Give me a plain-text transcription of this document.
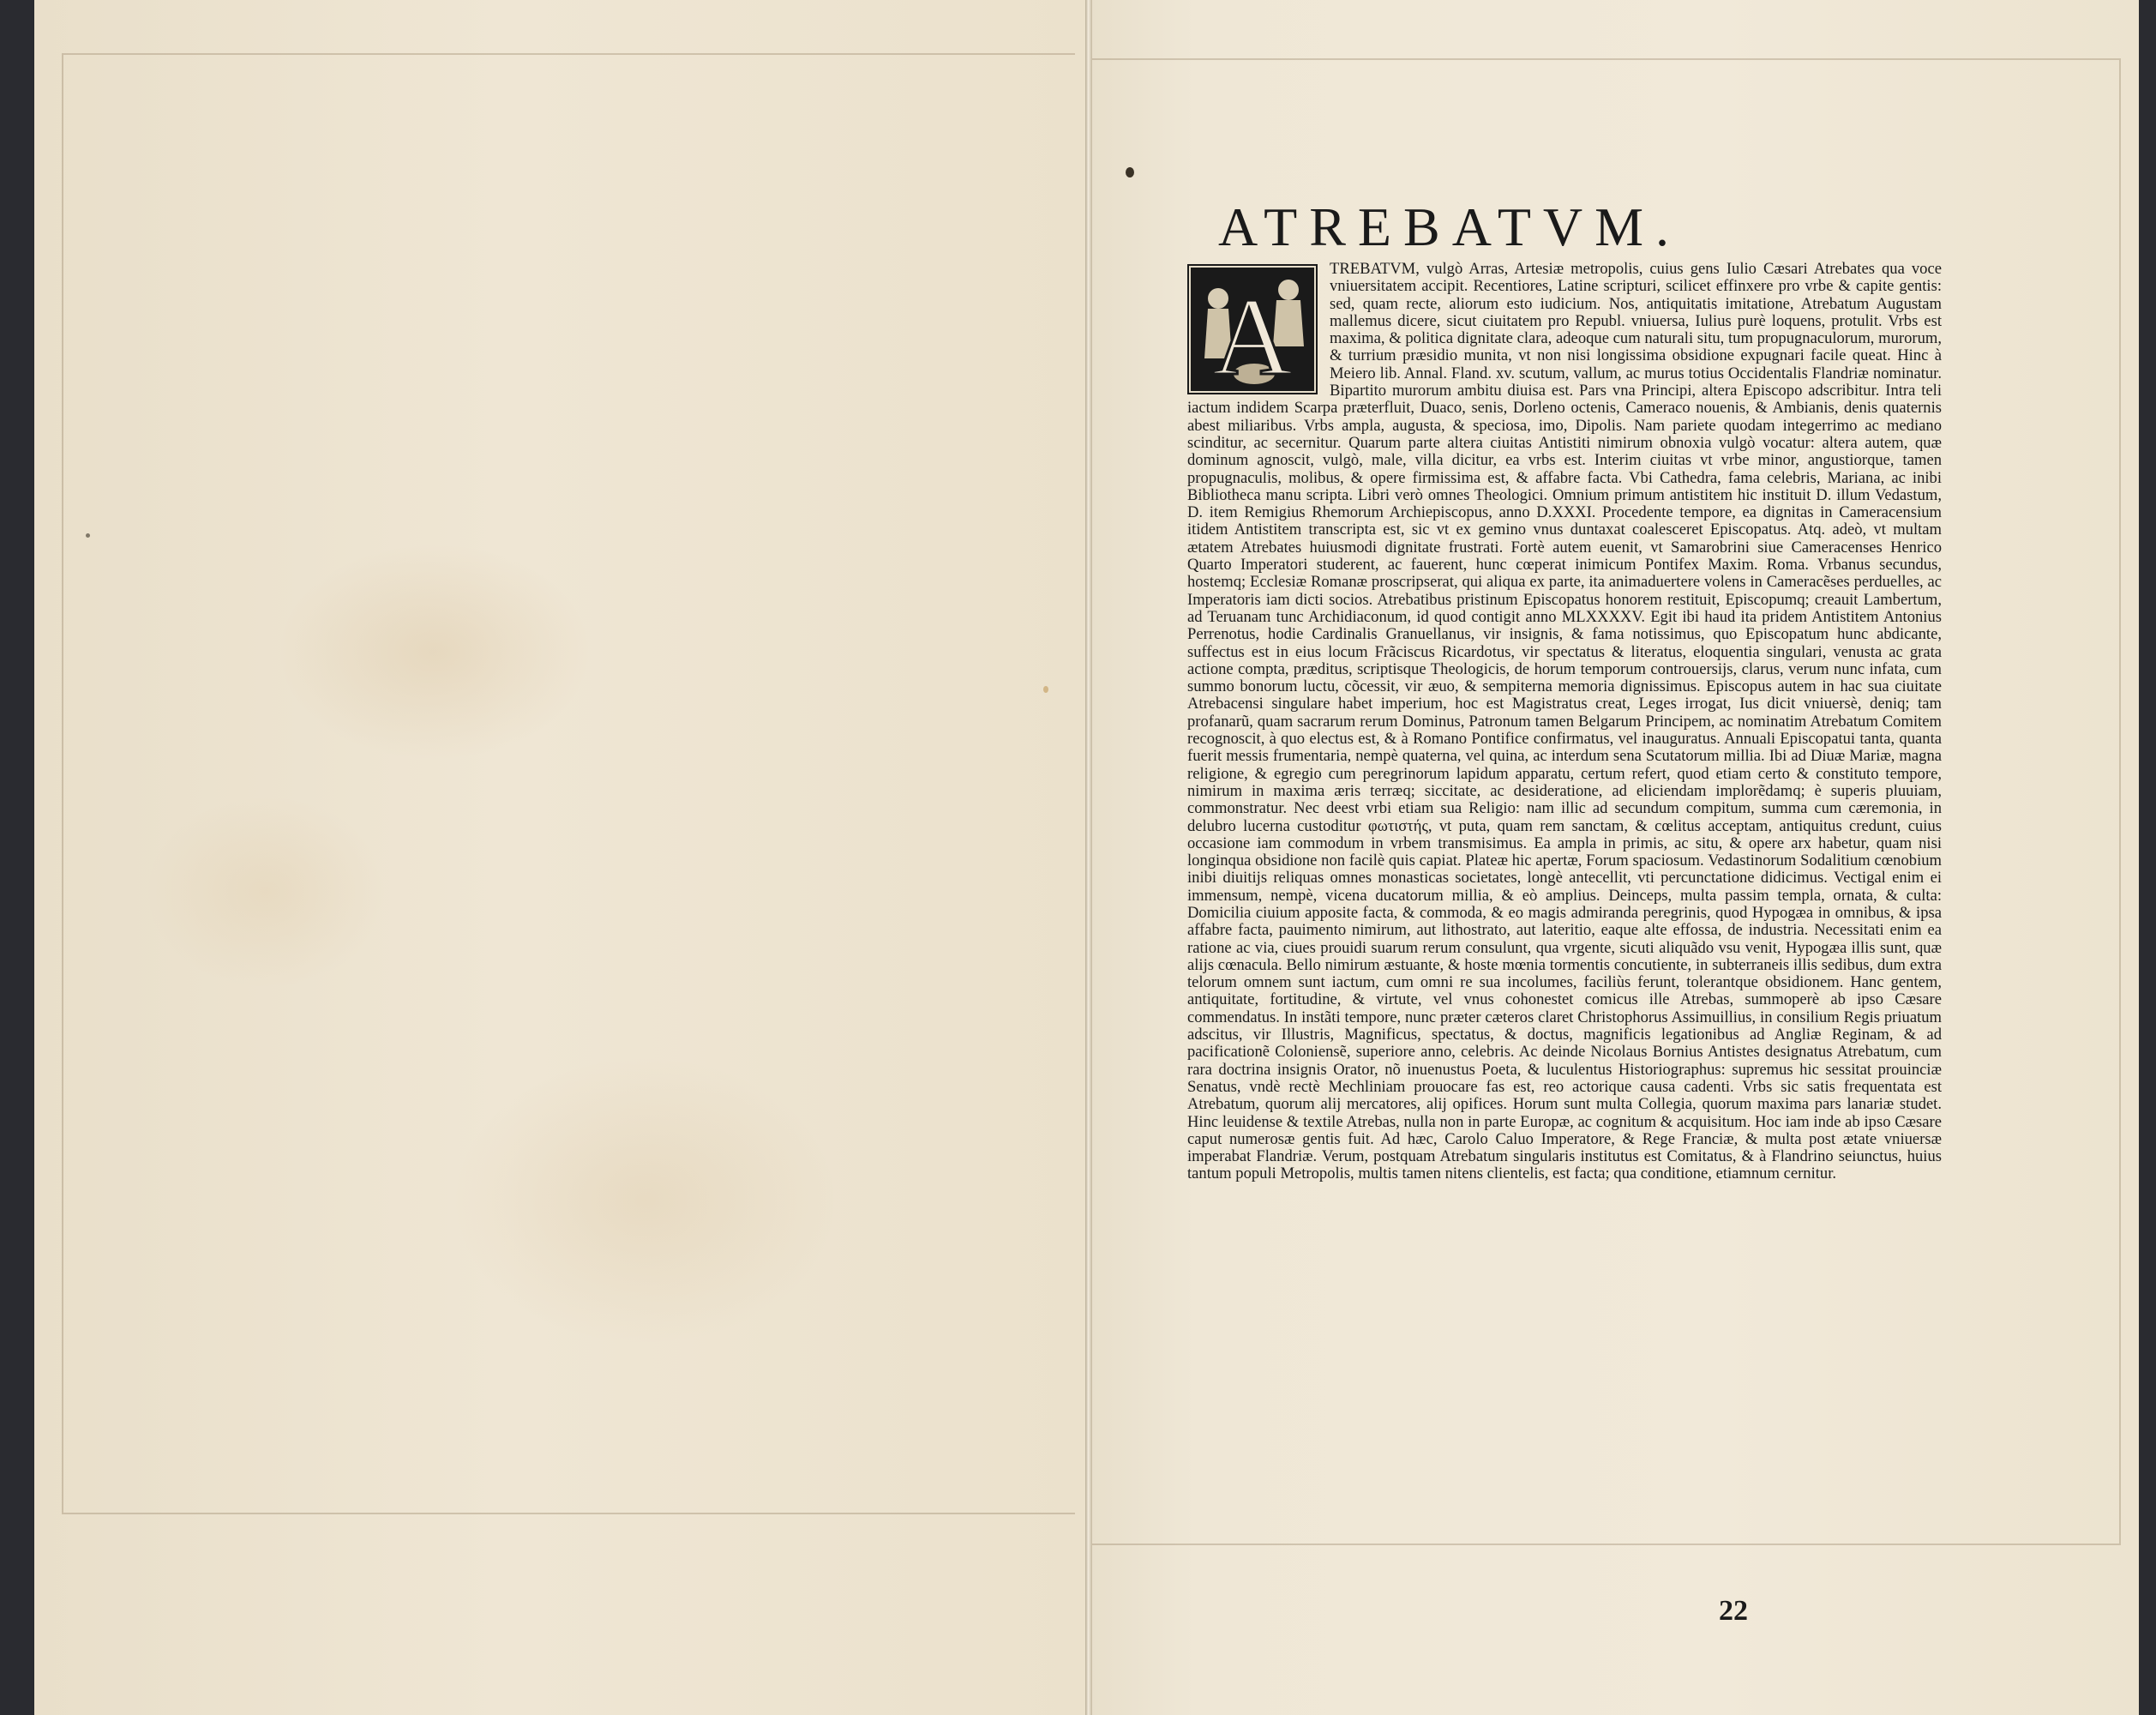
ATREBATVM.
A
TREBATVM, vulgò Arras, Artesiæ metropolis, cuius gens Iulio Cæsari Atrebates qua voce vniuersitatem accipit. Recentiores, Latine scripturi, scilicet effinxere pro vrbe & capite gentis: sed, quam recte, aliorum esto iudicium. Nos, antiquitatis imitatione, Atrebatum Augustam mallemus dicere, sicut ciuitatem pro Republ. vniuersa, Iulius purè loquens, protulit. Vrbs est maxima, & politica dignitate clara, adeoque cum naturali situ, tum propugnaculorum, murorum, & turrium præsidio munita, vt non nisi longissima obsidione expugnari facile queat. Hinc à Meiero lib. Annal. Fland. xv. scutum, vallum, ac murus totius Occidentalis Flandriæ nominatur. Bipartito murorum ambitu diuisa est. Pars vna Principi, altera Episcopo adscribitur. Intra teli iactum indidem Scarpa præterfluit, Duaco, senis, Dorleno octenis, Cameraco nouenis, & Ambianis, denis quaternis abest miliaribus. Vrbs ampla, augusta, & speciosa, imo, Dipolis. Nam pariete quodam integerrimo ac mediano scinditur, ac secernitur. Quarum parte altera ciuitas Antistiti nimirum obnoxia vulgò vocatur: altera autem, quæ dominum agnoscit, vulgò, male, villa dicitur, ea vrbs est. Interim ciuitas vt vrbe minor, angustiorque, tamen propugnaculis, molibus, & opere firmissima est, & affabre facta. Vbi Cathedra, fama celebris, Mariana, ac inibi Bibliotheca manu scripta. Libri verò omnes Theologici. Omnium primum antistitem hic instituit D. illum Vedastum, D. item Remigius Rhemorum Archiepiscopus, anno D.XXXI. Procedente tempore, ea dignitas in Cameracensium itidem Antistitem transcripta est, sic vt ex gemino vnus duntaxat coalesceret Episcopatus. Atq. adeò, vt multam ætatem Atrebates huiusmodi dignitate frustrati. Fortè autem euenit, vt Samarobrini siue Cameracenses Henrico Quarto Imperatori studerent, ac fauerent, hunc cœperat inimicum Pontifex Maxim. Roma. Vrbanus secundus, hostemq; Ecclesiæ Romanæ proscripserat, qui aliqua ex parte, ita animaduertere volens in Cameracẽses perduelles, ac Imperatoris iam dicti socios. Atrebatibus pristinum Episcopatus honorem restituit, Episcopumq; creauit Lambertum, ad Teruanam tunc Archidiaconum, id quod contigit anno MLXXXXV. Egit ibi haud ita pridem Antistitem Antonius Perrenotus, hodie Cardinalis Granuellanus, vir insignis, & fama notissimus, quo Episcopatum hunc abdicante, suffectus est in eius locum Frãciscus Ricardotus, vir spectatus & literatus, eloquentia singulari, venusta ac grata actione compta, præditus, scriptisque Theologicis, de horum temporum controuersijs, clarus, verum nunc infata, cum summo bonorum luctu, cõcessit, vir æuo, & sempiterna memoria dignissimus. Episcopus autem in hac sua ciuitate Atrebacensi singulare habet imperium, hoc est Magistratus creat, Leges irrogat, Ius dicit vniuersè, deniq; tam profanarũ, quam sacrarum rerum Dominus, Patronum tamen Belgarum Principem, ac nominatim Atrebatum Comitem recognoscit, à quo electus est, & à Romano Pontifice confirmatus, vel inauguratus. Annuali Episcopatui tanta, quanta fuerit messis frumentaria, nempè quaterna, vel quina, ac interdum sena Scutatorum millia. Ibi ad Diuæ Mariæ, magna religione, & egregio cum peregrinorum lapidum apparatu, certum refert, quod etiam certo & constituto tempore, nimirum in maxima æris terræq; siccitate, ac desideratione, ad eliciendam implorẽdamq; è superis pluuiam, commonstratur. Nec deest vrbi etiam sua Religio: nam illic ad secundum compitum, summa cum cæremonia, in delubro lucerna custoditur φωτιστής, vt puta, quam rem sanctam, & cœlitus acceptam, antiquitus credunt, cuius occasione iam commodum in vrbem transmisimus. Ea ampla in primis, ac situ, & opere arx habetur, quam nisi longinqua obsidione non facilè quis capiat. Plateæ hic apertæ, Forum spaciosum. Vedastinorum Sodalitium cœnobium inibi diuitijs reliquas omnes monasticas societates, longè antecellit, vti percunctatione didicimus. Vectigal enim ei immensum, nempè, vicena ducatorum millia, & eò amplius. Deinceps, multa passim templa, ornata, & culta: Domicilia ciuium apposite facta, & commoda, & eo magis admiranda peregrinis, quod Hypogæa in omnibus, & ipsa affabre facta, pauimento nimirum, aut lithostrato, aut lateritio, eaque alte effossa, de industria. Necessitati enim ea ratione ac via, ciues prouidi suarum rerum consulunt, qua vrgente, sicuti aliquãdo vsu venit, Hypogæa illis sunt, quæ alijs cœnacula. Bello nimirum æstuante, & hoste mœnia tormentis concutiente, in subterraneis illis sedibus, dum extra telorum omnem sunt iactum, cum omni re sua incolumes, faciliùs ferunt, tolerantque obsidionem. Hanc gentem, antiquitate, fortitudine, & virtute, vel vnus cohonestet comicus ille Atrebas, summoperè ab ipso Cæsare commendatus. In instãti tempore, nunc præter cæteros claret Christophorus Assimuillius, in consilium Regis priuatum adscitus, vir Illustris, Magnificus, spectatus, & doctus, magnificis legationibus ad Angliæ Reginam, & ad pacificationẽ Coloniensẽ, superiore anno, celebris. Ac deinde Nicolaus Bornius Antistes designatus Atrebatum, cum rara doctrina insignis Orator, nõ inuenustus Poeta, & luculentus Historiographus: supremus hic sessitat prouinciæ Senatus, vndè rectè Mechliniam prouocare fas est, reo actorique causa cadenti. Vrbs sic satis frequentata est Atrebatum, quorum alij mercatores, alij opifices. Horum sunt multa Collegia, quorum maxima pars lanariæ studet. Hinc leuidense & textile Atrebas, nulla non in parte Europæ, ac cognitum & acquisitum. Hoc iam inde ab ipso Cæsare caput numerosæ gentis fuit. Ad hæc, Carolo Caluo Imperatore, & Rege Franciæ, & multa post ætate vniuersæ imperabat Flandriæ. Verum, postquam Atrebatum singularis institutus est Comitatus, & à Flandrino seiunctus, huius tantum populi Metropolis, multis tamen nitens clientelis, est facta; qua conditione, etiamnum cernitur.
22
